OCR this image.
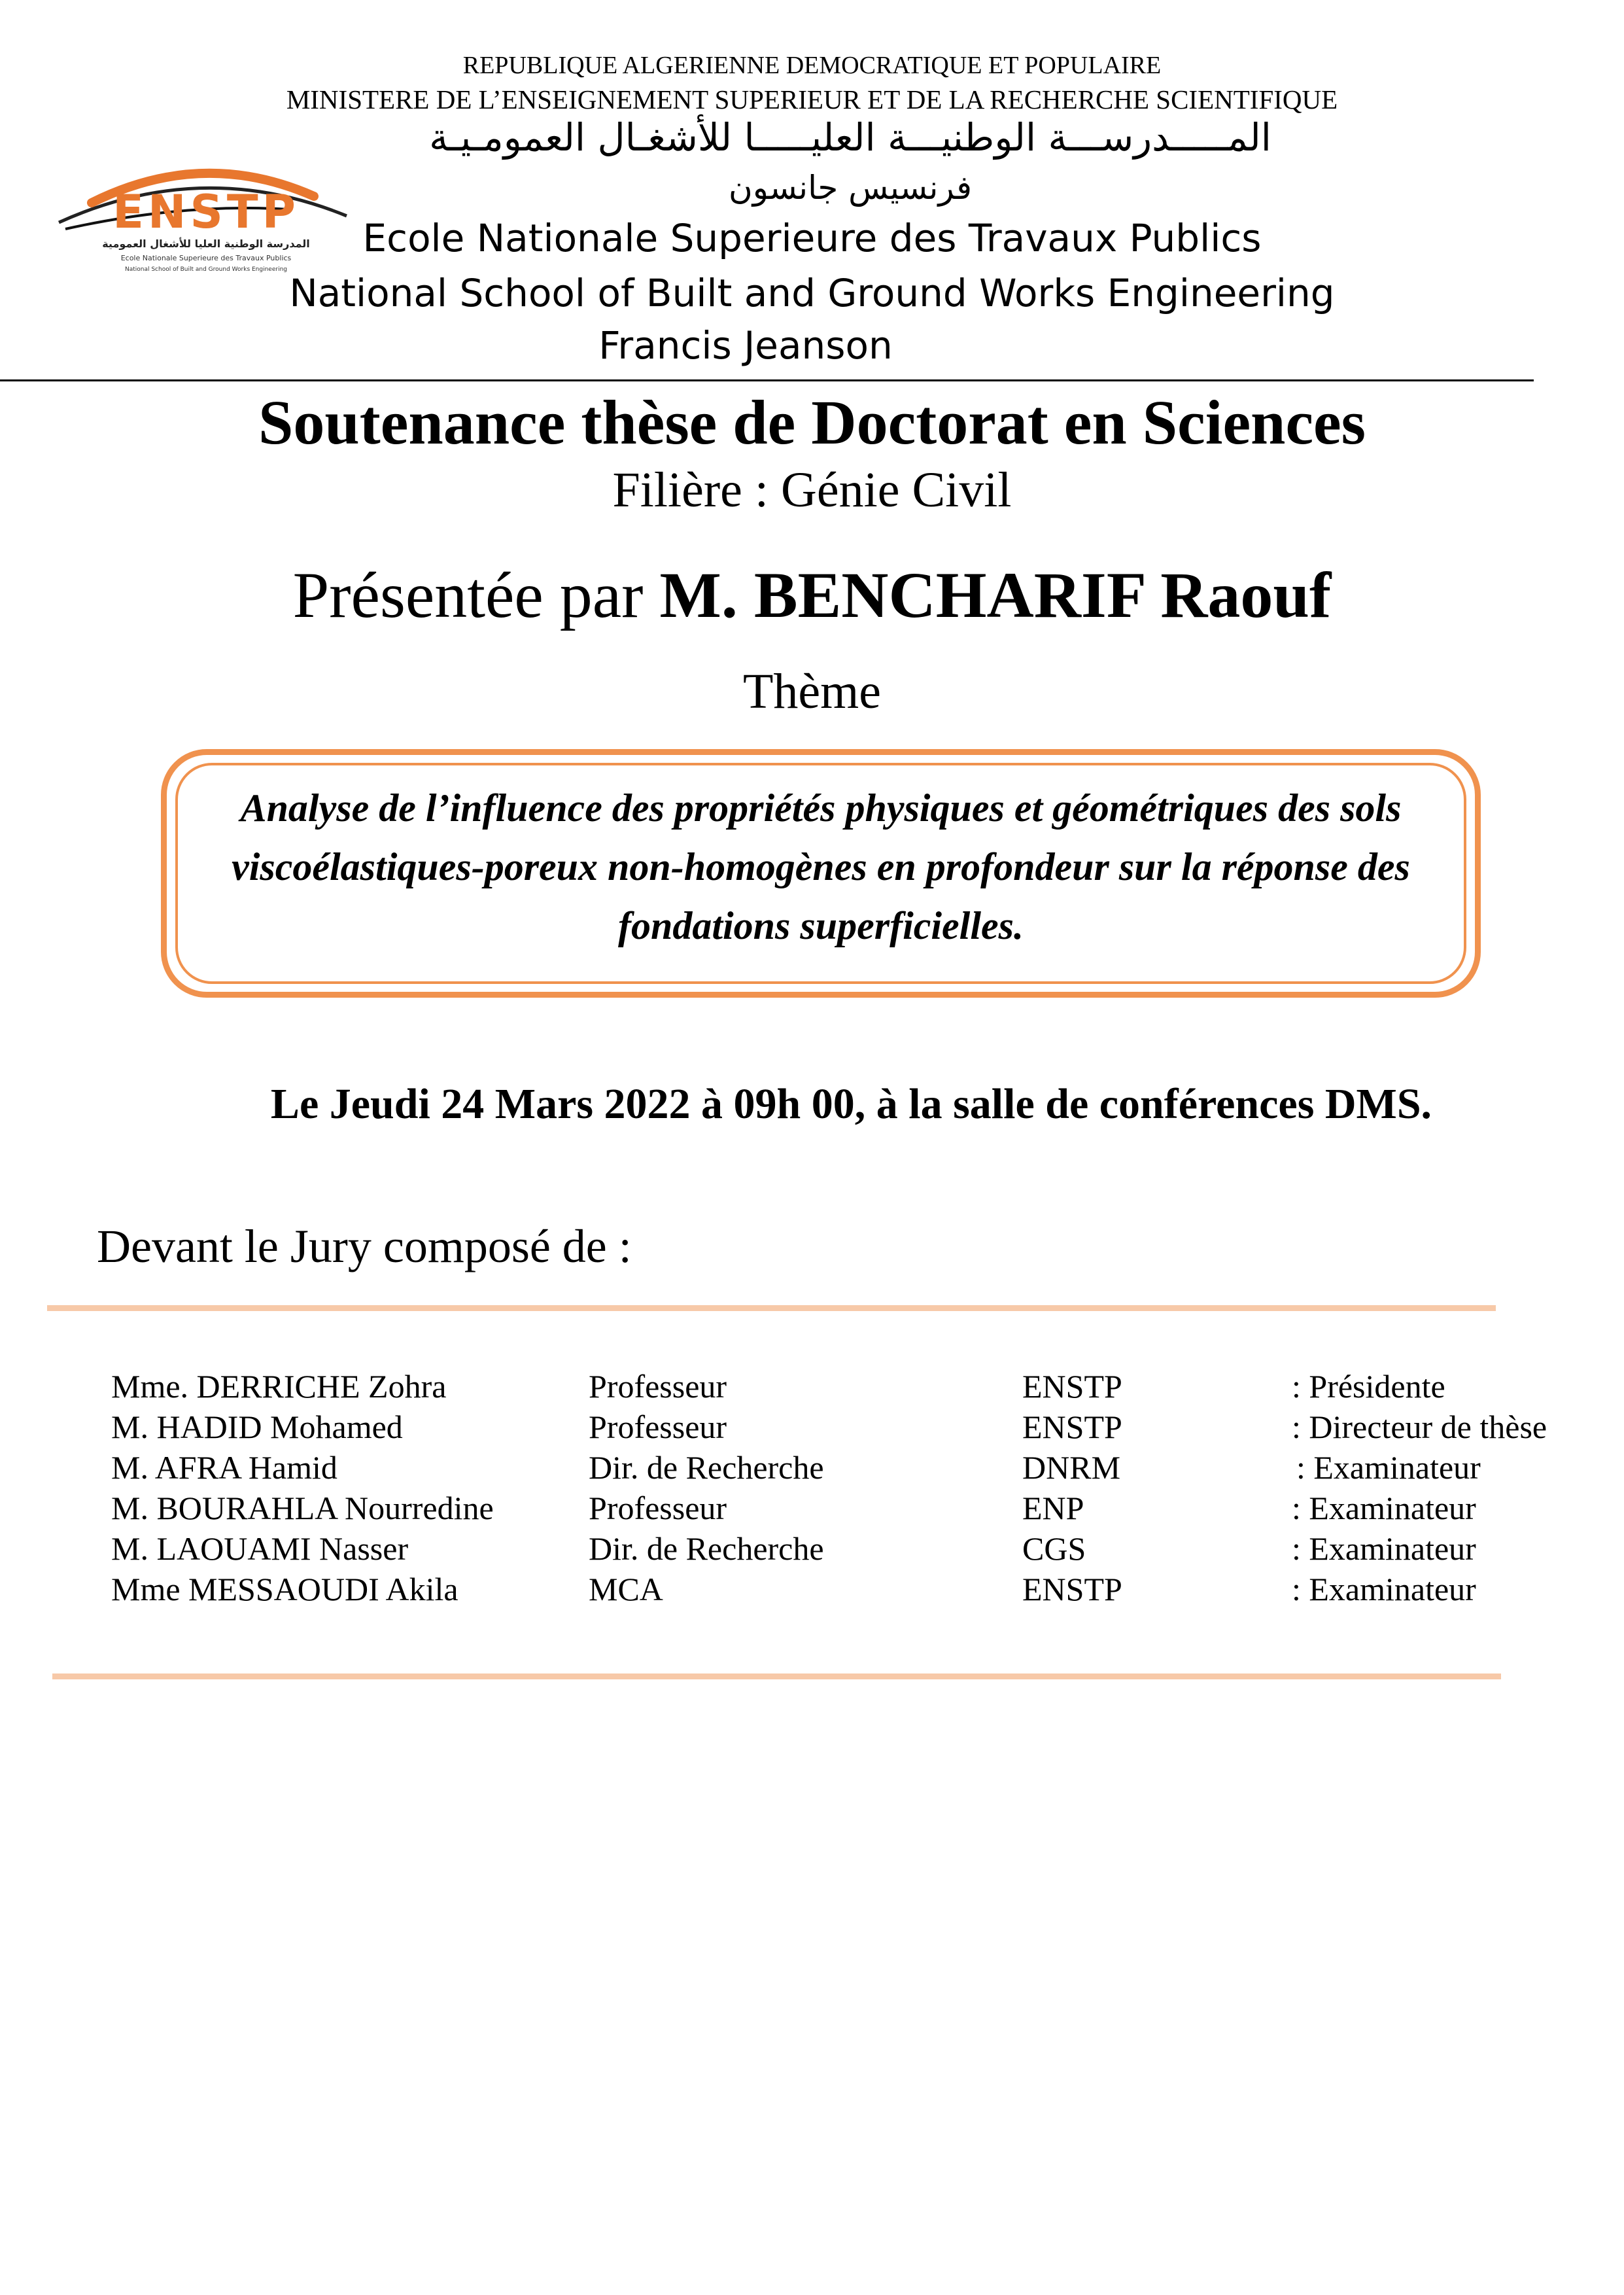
REPUBLIQUE ALGERIENNE DEMOCRATIQUE ET POPULAIRE
MINISTERE DE L’ENSEIGNEMENT SUPERIEUR ET DE LA RECHERCHE SCIENTIFIQUE
المـــــدرســـة الوطنيـــة العليـــــا للأشغـال العمومـيـة
فرنسيس جانسون
Ecole Nationale Superieure des Travaux Publics
National School of Built and Ground Works Engineering
Francis Jeanson
ENSTP
المدرسة الوطنية العليا للأشغال العمومية
Ecole Nationale Superieure des Travaux Publics
National School of Built and Ground Works Engineering
Soutenance thèse de Doctorat en Sciences
Filière : Génie Civil
Présentée par M. BENCHARIF Raouf
Thème
Analyse de l’influence des propriétés physiques et géométriques des sols viscoélastiques-poreux non-homogènes en profondeur sur la réponse des fondations superficielles.
Le Jeudi 24 Mars 2022 à 09h 00, à la salle de conférences DMS.
Devant le Jury composé de :
Mme. DERRICHE Zohra	Professeur	ENSTP	: Présidente
M. HADID Mohamed	Professeur	ENSTP	: Directeur de thèse
M. AFRA Hamid	Dir. de Recherche	DNRM	: Examinateur
M. BOURAHLA Nourredine	Professeur	ENP	: Examinateur
M. LAOUAMI Nasser	Dir. de Recherche	CGS	: Examinateur
Mme MESSAOUDI Akila	MCA	ENSTP	: Examinateur
